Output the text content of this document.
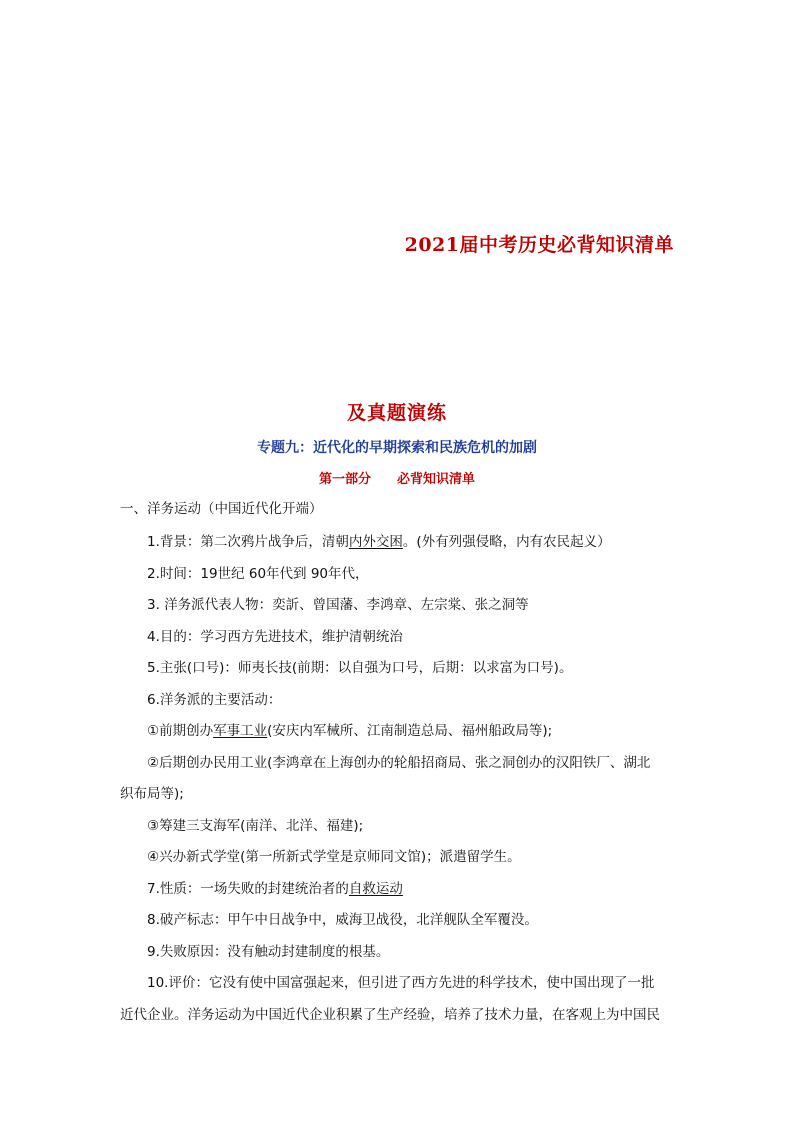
2021届中考历史必背知识清单
及真题演练
专题九：近代化的早期探索和民族危机的加剧
第一部分　　必背知识清单
一、洋务运动（中国近代化开端）
1.背景：第二次鸦片战争后，清朝内外交困。(外有列强侵略，内有农民起义）
2.时间：19世纪 60年代到 90年代，
3. 洋务派代表人物：奕訢、曾国藩、李鸿章、左宗棠、张之洞等
4.目的：学习西方先进技术，维护清朝统治
5.主张(口号)：师夷长技(前期：以自强为口号，后期：以求富为口号)。
6.洋务派的主要活动：
①前期创办军事工业(安庆内军械所、江南制造总局、福州船政局等);
②后期创办民用工业(李鸿章在上海创办的轮船招商局、张之洞创办的汉阳铁厂、湖北
织布局等);
③筹建三支海军(南洋、北洋、福建);
④兴办新式学堂(第一所新式学堂是京师同文馆)；派遣留学生。
7.性质：一场失败的封建统治者的自救运动
8.破产标志：甲午中日战争中，威海卫战役，北洋舰队全军覆没。
9.失败原因：没有触动封建制度的根基。
10.评价：它没有使中国富强起来，但引进了西方先进的科学技术，使中国出现了一批
近代企业。洋务运动为中国近代企业积累了生产经验，培养了技术力量，在客观上为中国民
